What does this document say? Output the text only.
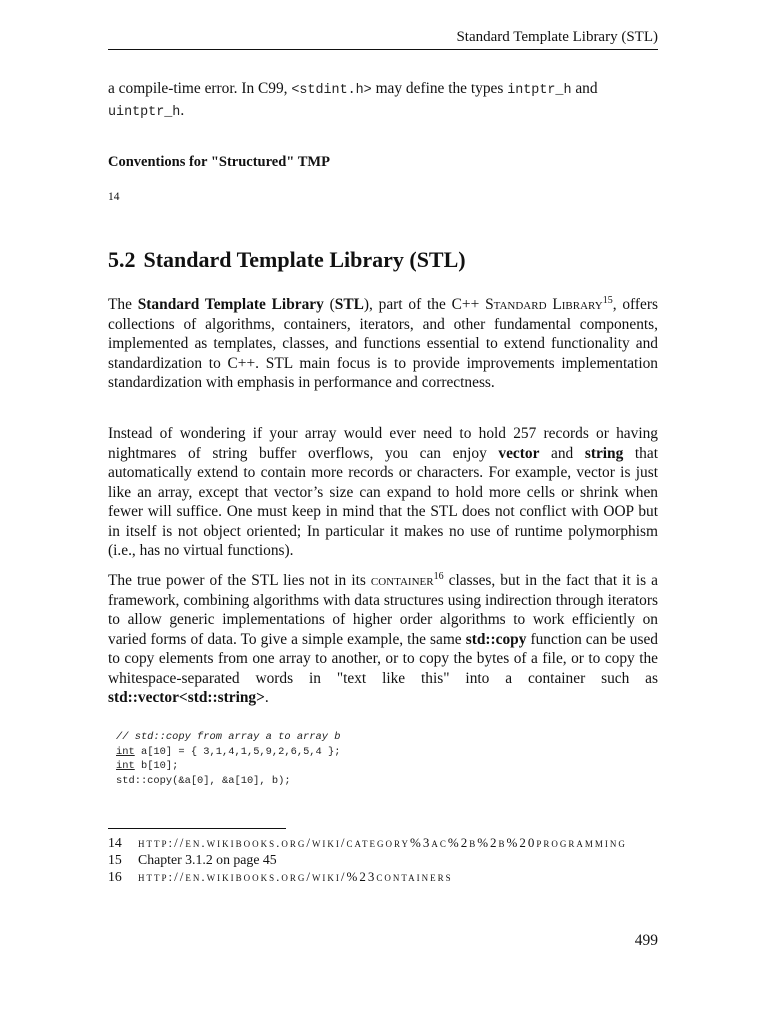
Standard Template Library (STL)

a compile-time error. In C99, <stdint.h> may define the types intptr_h and
uintptr_h.

Conventions for "Structured" TMP
14
5.2 Standard Template Library (STL)

The Standard Template Library (STL), part of the C++ Standard Library$^{15}$, offers collections of algorithms, containers, iterators, and other fundamental components, implemented as templates, classes, and functions essential to extend functionality and standardization to C++. STL main focus is to provide improvements implementation standardization with emphasis in performance and correctness.

Instead of wondering if your array would ever need to hold 257 records or having nightmares of string buffer overflows, you can enjoy vector and string that automatically extend to contain more records or characters. For example, vector is just like an array, except that vector’s size can expand to hold more cells or shrink when fewer will suffice. One must keep in mind that the STL does not conflict with OOP but in itself is not object oriented; In particular it makes no use of runtime polymorphism (i.e., has no virtual functions).

The true power of the STL lies not in its container$^{16}$ classes, but in the fact that it is a framework, combining algorithms with data structures using indirection through iterators to allow generic implementations of higher order algorithms to work efficiently on varied forms of data. To give a simple example, the same std::copy function can be used to copy elements from one array to another, or to copy the bytes of a file, or to copy the whitespace-separated words in "text like this" into a container such as std::vector<std::string>.

// std::copy from array a to array b
int a[10] = { 3,1,4,1,5,9,2,6,5,4 };
int b[10];
std::copy(&a[0], &a[10], b);
14	http://en.wikibooks.org/wiki/category%3ac%2b%2b%20programming
15	Chapter 3.1.2 on page 45
16	http://en.wikibooks.org/wiki/%23containers
499
